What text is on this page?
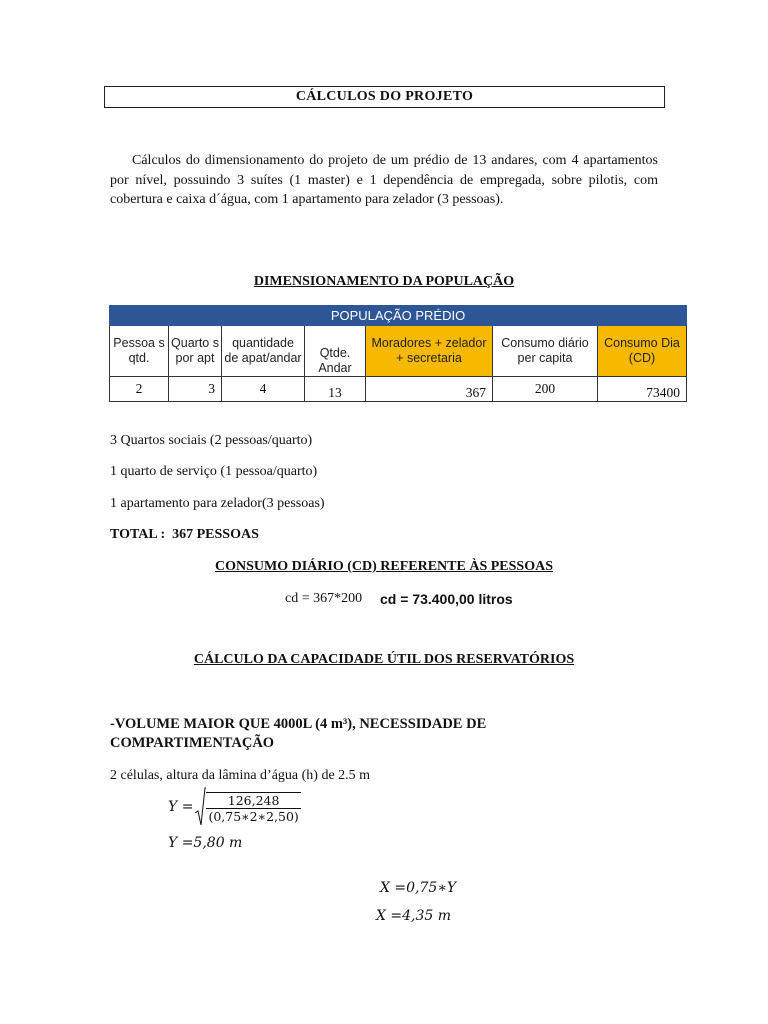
CÁLCULOS DO PROJETO
Cálculos do dimensionamento do projeto de um prédio de 13 andares, com 4 apartamentos por nível, possuindo 3 suítes (1 master) e 1 dependência de empregada, sobre pilotis, com cobertura e caixa d´água, com 1 apartamento para zelador (3 pessoas).
DIMENSIONAMENTO DA POPULAÇÃO
POPULAÇÃO PRÉDIO						
Pessoa s qtd.	Quarto s por apt	quantidade de apat/andar	Qtde. Andar	Moradores + zelador + secretaria	Consumo diário per capita	Consumo Dia (CD)
2	3	4	13	367	200	73400
3 Quartos sociais (2 pessoas/quarto)
1 quarto de serviço (1 pessoa/quarto)
1 apartamento para zelador(3 pessoas)
TOTAL :  367 PESSOAS
CONSUMO DIÁRIO (CD) REFERENTE ÀS PESSOAS
cd = 367*200 cd = 73.400,00 litros
CÁLCULO DA CAPACIDADE ÚTIL DOS RESERVATÓRIOS
-VOLUME MAIOR QUE 4000L (4 m³), NECESSIDADE DE COMPARTIMENTAÇÃO
2 células, altura da lâmina d’água (h) de 2.5 m
$Y = \frac{126,248}{(0,75∗2∗2,50)}$
Y =5,80 m
X =0,75∗Y
X =4,35 m
